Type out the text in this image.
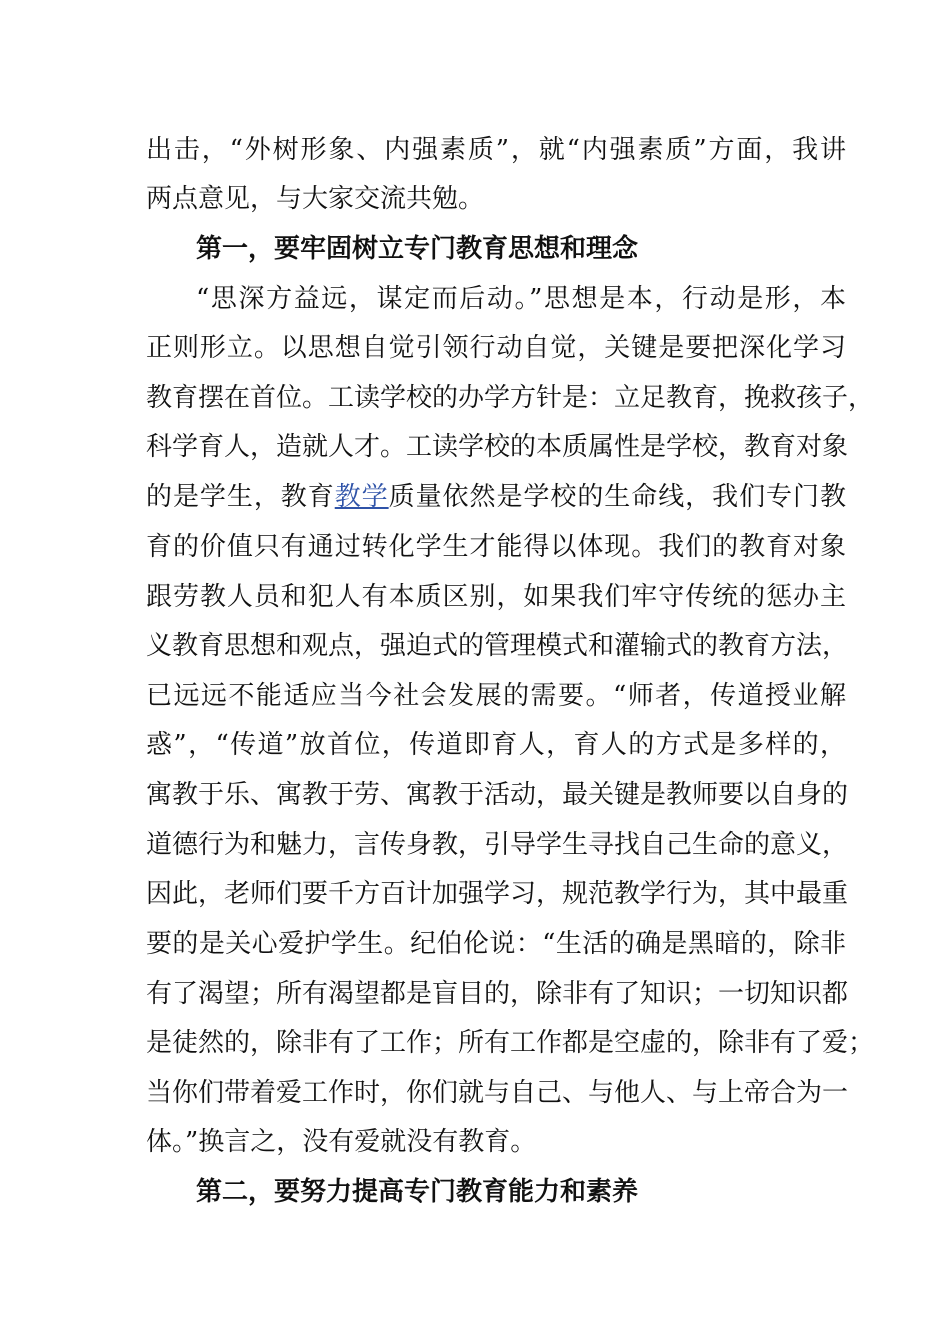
出击，“外树形象、内强素质”，就“内强素质”方面，我讲
两点意见，与大家交流共勉。
第一，要牢固树立专门教育思想和理念
“思深方益远，谋定而后动。”思想是本，行动是形，本
正则形立。以思想自觉引领行动自觉，关键是要把深化学习
教育摆在首位。工读学校的办学方针是：立足教育，挽救孩子，
科学育人，造就人才。工读学校的本质属性是学校，教育对象
的是学生，教育教学质量依然是学校的生命线，我们专门教
育的价值只有通过转化学生才能得以体现。我们的教育对象
跟劳教人员和犯人有本质区别，如果我们牢守传统的惩办主
义教育思想和观点，强迫式的管理模式和灌输式的教育方法，
已远远不能适应当今社会发展的需要。“师者，传道授业解
惑”，“传道”放首位，传道即育人，育人的方式是多样的，
寓教于乐、寓教于劳、寓教于活动，最关键是教师要以自身的
道德行为和魅力，言传身教，引导学生寻找自己生命的意义，
因此，老师们要千方百计加强学习，规范教学行为，其中最重
要的是关心爱护学生。纪伯伦说：“生活的确是黑暗的，除非
有了渴望；所有渴望都是盲目的，除非有了知识；一切知识都
是徒然的，除非有了工作；所有工作都是空虚的，除非有了爱；
当你们带着爱工作时，你们就与自己、与他人、与上帝合为一
体。”换言之，没有爱就没有教育。
第二，要努力提高专门教育能力和素养
